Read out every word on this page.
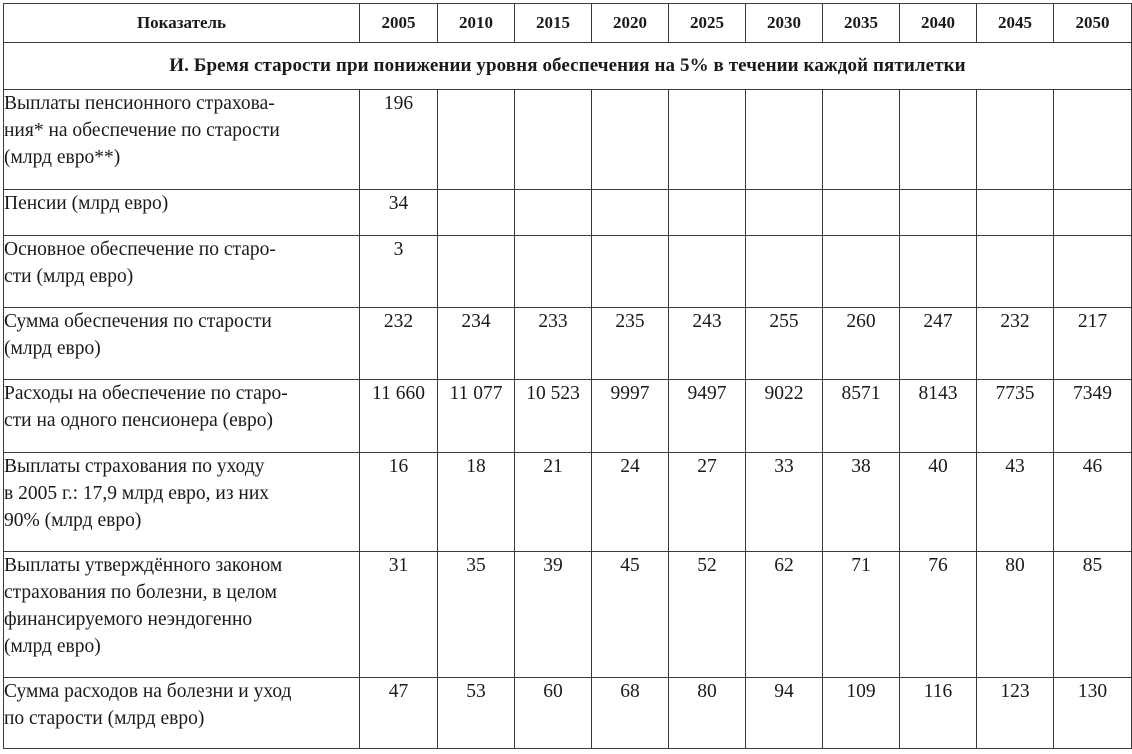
Показатель	2005	2010	2015	2020	2025	2030	2035	2040	2045	2050
И. Бремя старости при понижении уровня обеспечения на 5% в течении каждой пятилетки										

Выплаты пенсионного страхова-
ния* на обеспечение по старости
(млрд евро**)	196									

Пенсии (млрд евро)	34									

Основное обеспечение по старо-
сти (млрд евро)	3									

Сумма обеспечения по старости
(млрд евро)	232	234	233	235	243	255	260	247	232	217

Расходы на обеспечение по старо-
сти на одного пенсионера (евро)	11 660	11 077	10 523	9997	9497	9022	8571	8143	7735	7349

Выплаты страхования по уходу
в 2005 г.: 17,9 млрд евро, из них
90% (млрд евро)	16	18	21	24	27	33	38	40	43	46

Выплаты утверждённого законом
страхования по болезни, в целом
финансируемого неэндогенно
(млрд евро)	31	35	39	45	52	62	71	76	80	85

Сумма расходов на болезни и уход
по старости (млрд евро)	47	53	60	68	80	94	109	116	123	130
